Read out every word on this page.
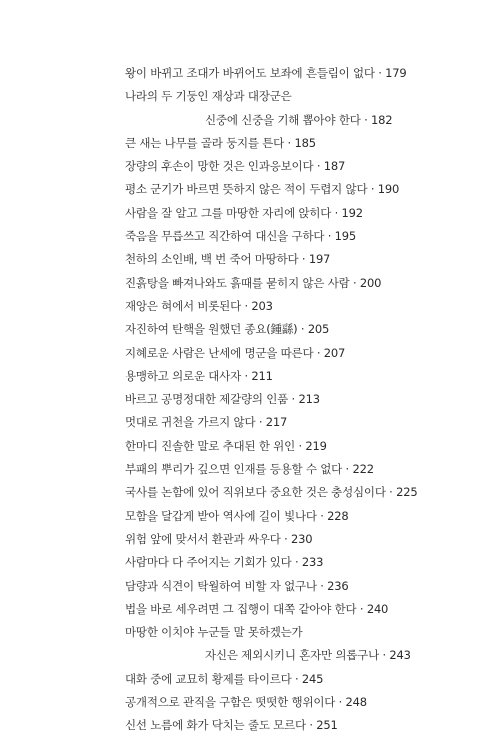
왕이 바뀌고 조대가 바뀌어도 보좌에 흔들림이 없다 · 179
나라의 두 기둥인 재상과 대장군은
신중에 신중을 기해 뽑아야 한다 · 182
큰 새는 나무를 골라 둥지를 튼다 · 185
장량의 후손이 망한 것은 인과응보이다 · 187
평소 군기가 바르면 뜻하지 않은 적이 두렵지 않다 · 190
사람을 잘 알고 그를 마땅한 자리에 앉히다 · 192
죽음을 무릅쓰고 직간하여 대신을 구하다 · 195
천하의 소인배, 백 번 죽어 마땅하다 · 197
진흙탕을 빠져나와도 흙때를 묻히지 않은 사람 · 200
재앙은 혀에서 비롯된다 · 203
자진하여 탄핵을 원했던 종요(鍾繇) · 205
지혜로운 사람은 난세에 명군을 따른다 · 207
용맹하고 의로운 대사자 · 211
바르고 공명정대한 제갈량의 인품 · 213
멋대로 귀천을 가르지 않다 · 217
한마디 진솔한 말로 추대된 한 위인 · 219
부패의 뿌리가 깊으면 인재를 등용할 수 없다 · 222
국사를 논함에 있어 직위보다 중요한 것은 충성심이다 · 225
모함을 달갑게 받아 역사에 길이 빛나다 · 228
위험 앞에 맞서서 환관과 싸우다 · 230
사람마다 다 주어지는 기회가 있다 · 233
담량과 식견이 탁월하여 비할 자 없구나 · 236
법을 바로 세우려면 그 집행이 대쪽 같아야 한다 · 240
마땅한 이치야 누군들 말 못하겠는가
자신은 제외시키니 혼자만 의롭구나 · 243
대화 중에 교묘히 황제를 타이르다 · 245
공개적으로 관직을 구함은 떳떳한 행위이다 · 248
신선 노름에 화가 닥치는 줄도 모르다 · 251
